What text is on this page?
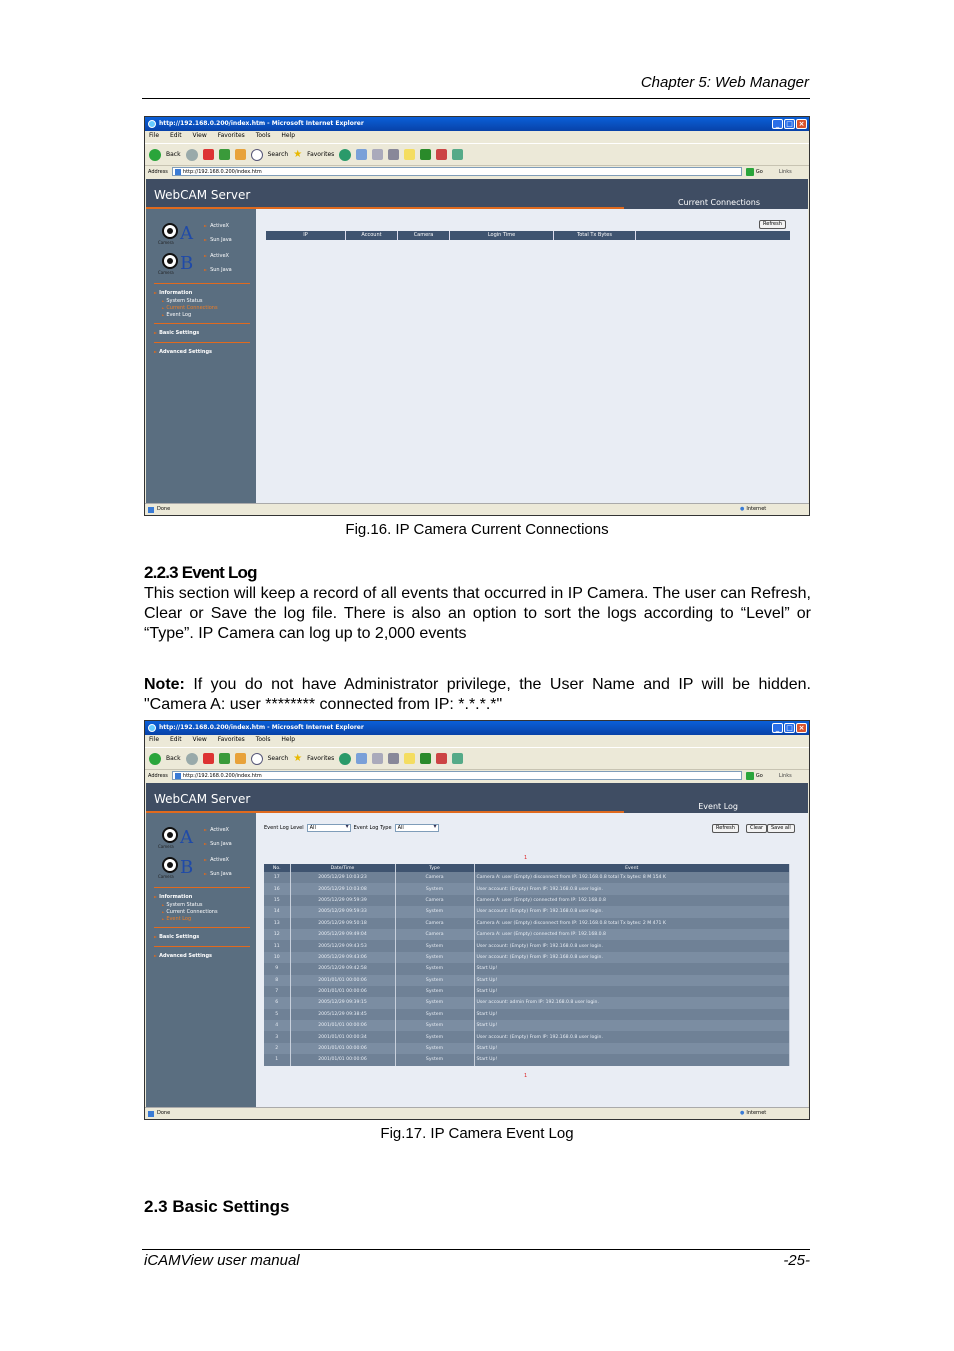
Chapter 5: Web Manager
http://192.168.0.200/index.htm - Microsoft Internet Explorer	_ □ ×
File Edit View Favorites Tools Help
Back	Search ★ Favorites
Address	http://192.168.0.200/index.htm	Go	Links
WebCAM Server
Current Connections
A
Camera
► ActiveX
► Sun Java
B
Camera
► ActiveX
► Sun Java
► Information
► System Status
► Current Connections
► Event Log
► Basic Settings
► Advanced Settings
Refresh
IP	Account	Camera	Login Time	Total Tx Bytes
Done	● Internet
Fig.16. IP Camera Current Connections
2.2.3 Event Log
This section will keep a record of all events that occurred in IP Camera. The user can Refresh, Clear or Save the log file. There is also an option to sort the logs according to “Level” or “Type”. IP Camera can log up to 2,000 events
Note: If you do not have Administrator privilege, the User Name and IP will be hidden. "Camera A: user ******** connected from IP: *.*.*.*"
http://192.168.0.200/index.htm - Microsoft Internet Explorer	_ □ ×
File Edit View Favorites Tools Help
Back	Search ★ Favorites
Address	http://192.168.0.200/index.htm	Go	Links
WebCAM Server
Event Log
A
Camera
► ActiveX
► Sun Java
B
Camera
► ActiveX
► Sun Java
► Information
► System Status
► Current Connections
► Event Log
► Basic Settings
► Advanced Settings
Event Log Level	All ▾	Event Log Type	All ▾	Refresh	Clear	Save all
1
No.	Date/Time	Type	Event
17	2005/12/29 10:03:23	Camera	Camera A: user (Empty) disconnect from IP: 192.168.0.8 total Tx bytes: 8 M 154 K
16	2005/12/29 10:03:08	System	User account: (Empty) From IP: 192.168.0.8 user login.
15	2005/12/29 09:59:39	Camera	Camera A: user (Empty) connected from IP: 192.168.0.8
14	2005/12/29 09:59:33	System	User account: (Empty) From IP: 192.168.0.8 user login.
13	2005/12/29 09:50:18	Camera	Camera A: user (Empty) disconnect from IP: 192.168.0.8 total Tx bytes: 2 M 471 K
12	2005/12/29 09:49:04	Camera	Camera A: user (Empty) connected from IP: 192.168.0.8
11	2005/12/29 09:43:53	System	User account: (Empty) From IP: 192.168.0.8 user login.
10	2005/12/29 09:43:06	System	User account: (Empty) From IP: 192.168.0.8 user login.
9	2005/12/29 09:42:58	System	Start Up!
8	2001/01/01 00:00:06	System	Start Up!
7	2001/01/01 00:00:06	System	Start Up!
6	2005/12/29 09:39:15	System	User account: admin From IP: 192.168.0.8 user login.
5	2005/12/29 09:38:45	System	Start Up!
4	2001/01/01 00:00:06	System	Start Up!
3	2001/01/01 00:00:34	System	User account: (Empty) From IP: 192.168.0.8 user login.
2	2001/01/01 00:00:06	System	Start Up!
1	2001/01/01 00:00:06	System	Start Up!
1
Done	● Internet
Fig.17. IP Camera Event Log
2.3 Basic Settings
iCAMView user manual	-25-
